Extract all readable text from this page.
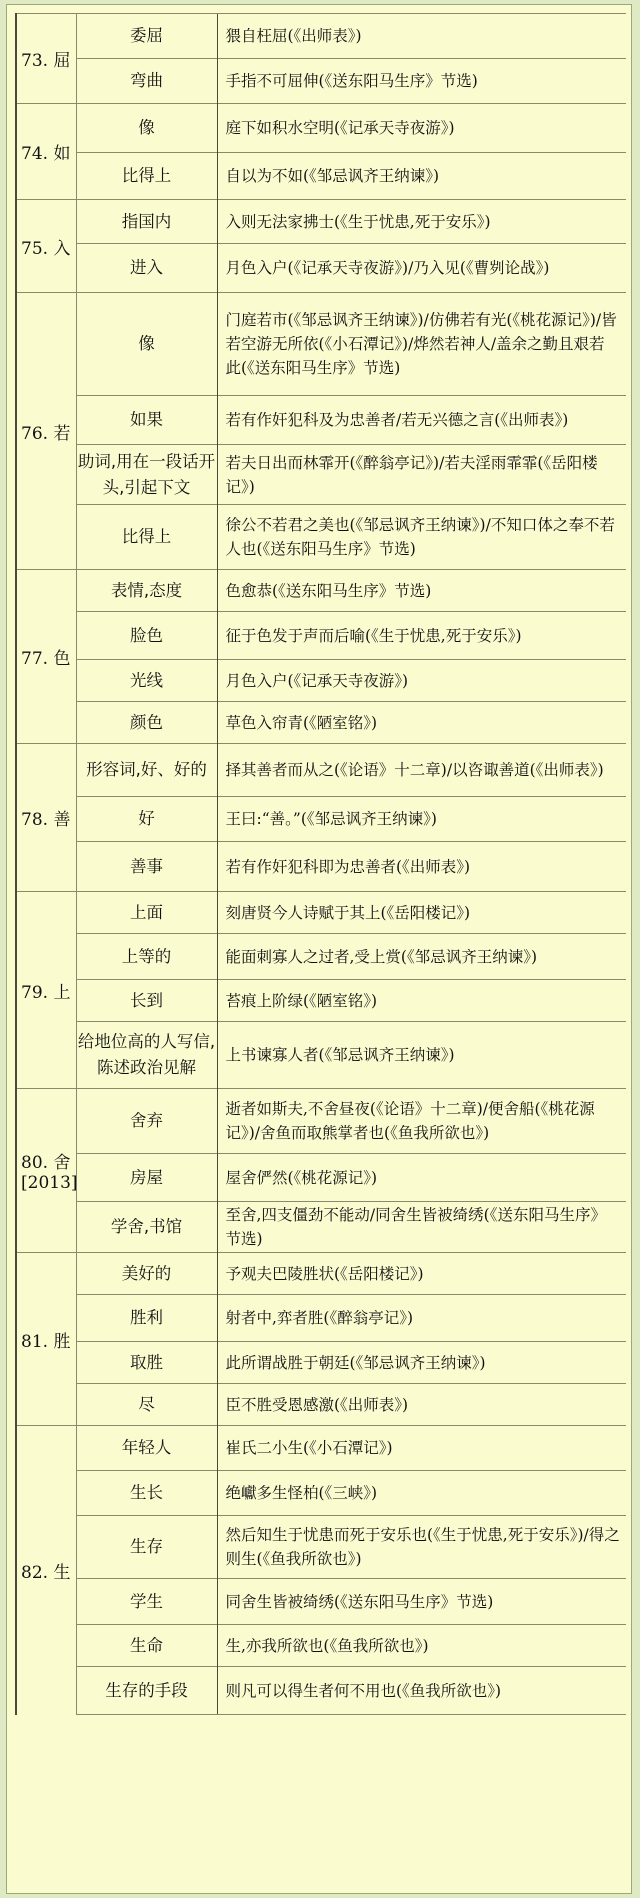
73. 屈	委屈	猥自枉屈(《出师表》)
	弯曲	手指不可屈伸(《送东阳马生序》节选)
74. 如	像	庭下如积水空明(《记承天寺夜游》)
	比得上	自以为不如(《邹忌讽齐王纳谏》)
75. 入	指国内	入则无法家拂士(《生于忧患,死于安乐》)
	进入	月色入户(《记承天寺夜游》)/乃入见(《曹刿论战》)
76. 若	像	门庭若市(《邹忌讽齐王纳谏》)/仿佛若有光(《桃花源记》)/皆若空游无所依(《小石潭记》)/烨然若神人/盖余之勤且艰若此(《送东阳马生序》节选)
	如果	若有作奸犯科及为忠善者/若无兴德之言(《出师表》)
	助词,用在一段话开头,引起下文	若夫日出而林霏开(《醉翁亭记》)/若夫淫雨霏霏(《岳阳楼记》)
	比得上	徐公不若君之美也(《邹忌讽齐王纳谏》)/不知口体之奉不若人也(《送东阳马生序》节选)
77. 色	表情,态度	色愈恭(《送东阳马生序》节选)
	脸色	征于色发于声而后喻(《生于忧患,死于安乐》)
	光线	月色入户(《记承天寺夜游》)
	颜色	草色入帘青(《陋室铭》)
78. 善	形容词,好、好的	择其善者而从之(《论语》十二章)/以咨诹善道(《出师表》)
	好	王曰:“善。”(《邹忌讽齐王纳谏》)
	善事	若有作奸犯科即为忠善者(《出师表》)
79. 上	上面	刻唐贤今人诗赋于其上(《岳阳楼记》)
	上等的	能面刺寡人之过者,受上赏(《邹忌讽齐王纳谏》)
	长到	苔痕上阶绿(《陋室铭》)
	给地位高的人写信,陈述政治见解	上书谏寡人者(《邹忌讽齐王纳谏》)
80. 舍[2013]	舍弃	逝者如斯夫,不舍昼夜(《论语》十二章)/便舍船(《桃花源记》)/舍鱼而取熊掌者也(《鱼我所欲也》)
	房屋	屋舍俨然(《桃花源记》)
	学舍,书馆	至舍,四支僵劲不能动/同舍生皆被绮绣(《送东阳马生序》节选)
81. 胜	美好的	予观夫巴陵胜状(《岳阳楼记》)
	胜利	射者中,弈者胜(《醉翁亭记》)
	取胜	此所谓战胜于朝廷(《邹忌讽齐王纳谏》)
	尽	臣不胜受恩感激(《出师表》)
82. 生	年轻人	崔氏二小生(《小石潭记》)
	生长	绝巘多生怪柏(《三峡》)
	生存	然后知生于忧患而死于安乐也(《生于忧患,死于安乐》)/得之则生(《鱼我所欲也》)
	学生	同舍生皆被绮绣(《送东阳马生序》节选)
	生命	生,亦我所欲也(《鱼我所欲也》)
	生存的手段	则凡可以得生者何不用也(《鱼我所欲也》)
